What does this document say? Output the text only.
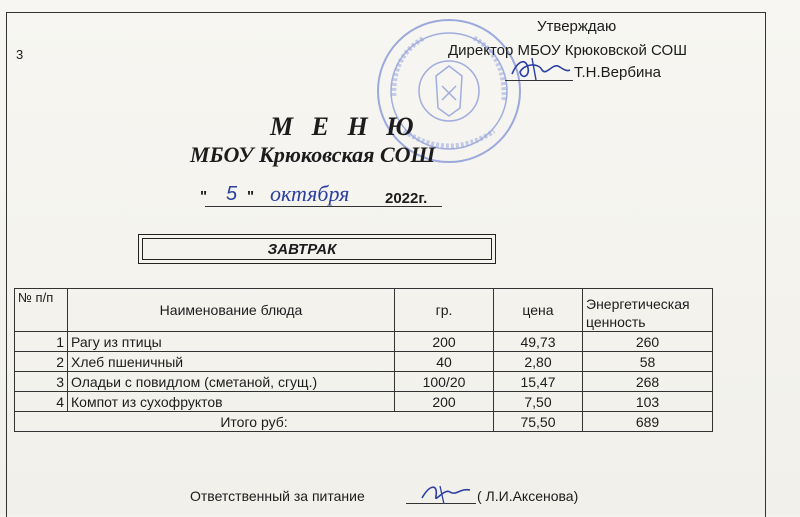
3
Утверждаю
Директор МБОУ Крюковской СОШ
Т.Н.Вербина
М Е Н Ю
МБОУ Крюковская СОШ
" 5 " октября 2022г.
ЗАВТРАК
№ п/п	Наименование блюда	гр.	цена	Энергетическая ценность
1	Рагу из птицы	200	49,73	260
2	Хлеб пшеничный	40	2,80	58
3	Оладьи с повидлом (сметаной, сгущ.)	100/20	15,47	268
4	Компот из сухофруктов	200	7,50	103
Итого руб:			75,50	689
Ответственный за питание	( Л.И.Аксенова)
